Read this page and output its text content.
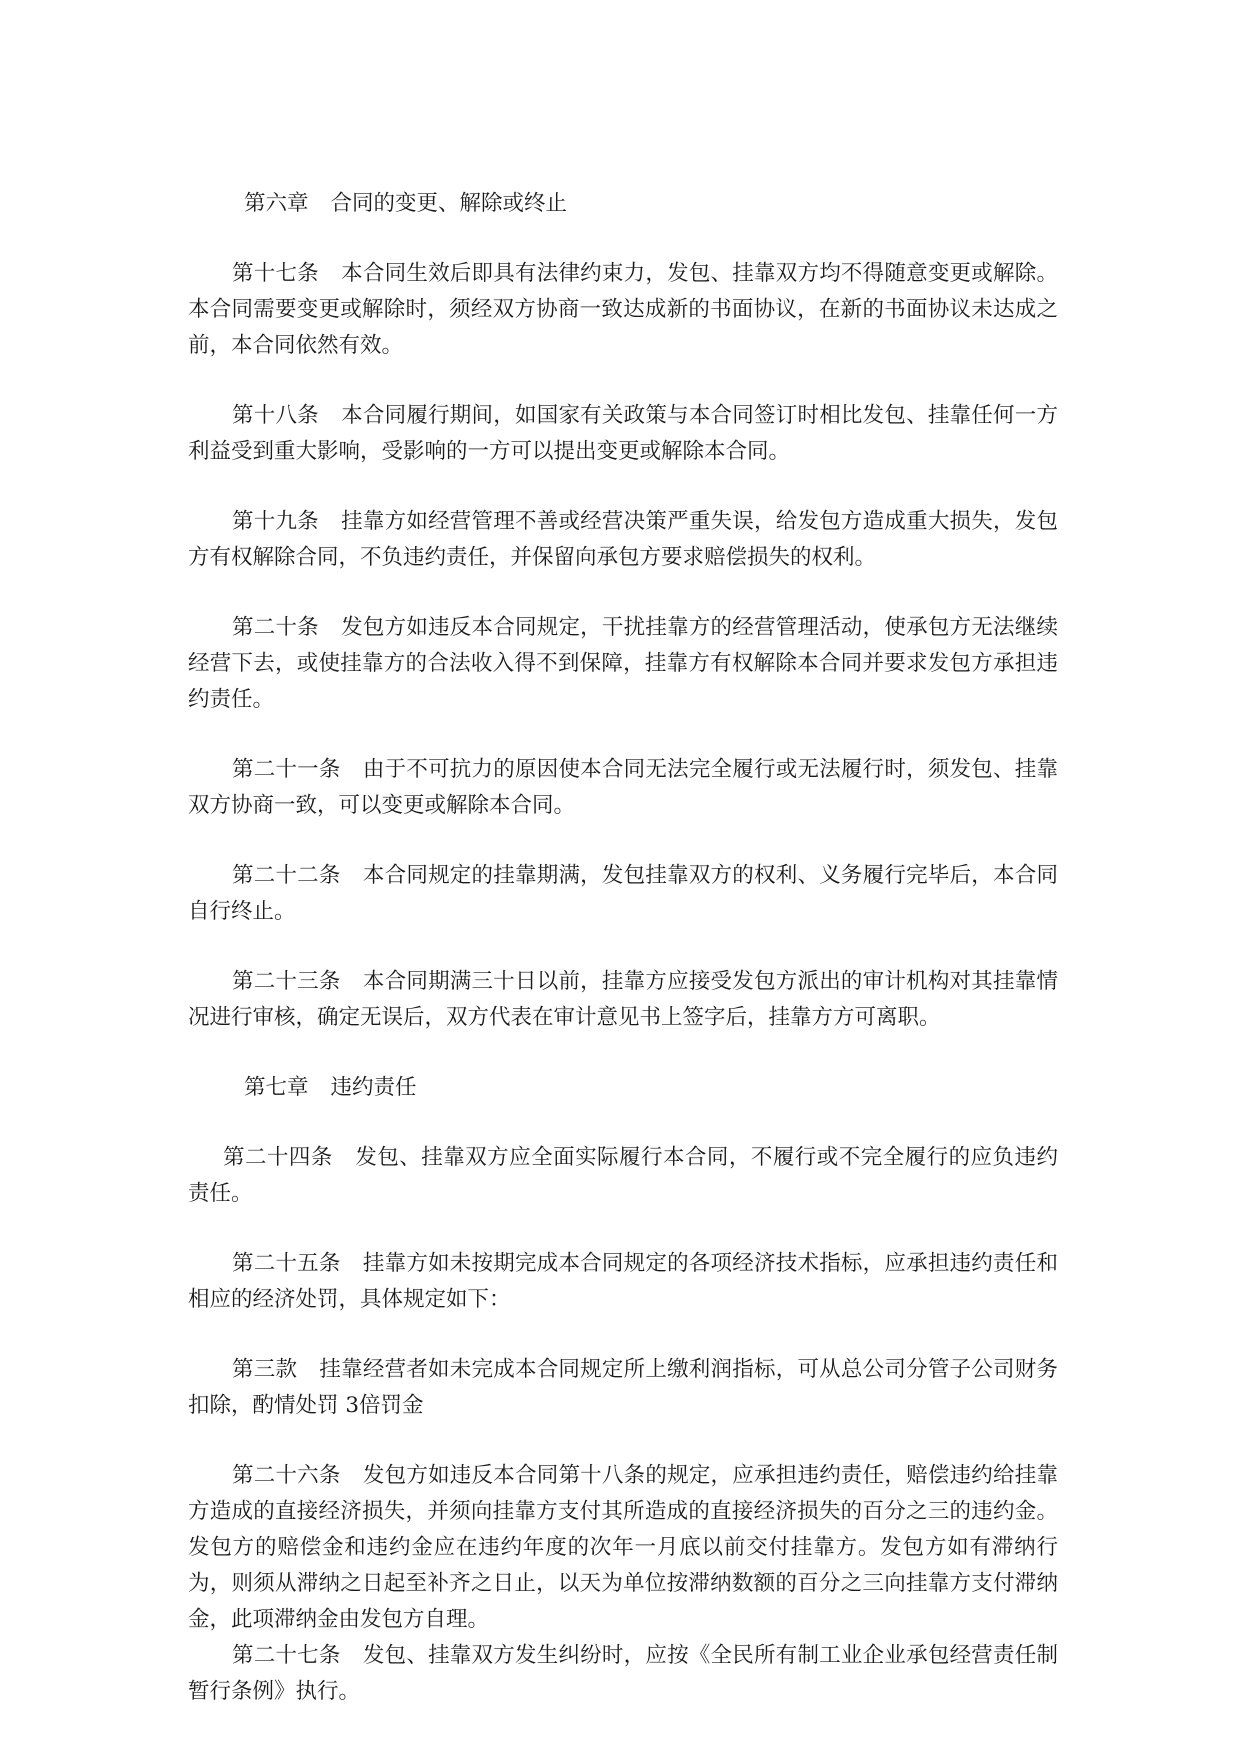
第六章 合同的变更、解除或终止

第十七条 本合同生效后即具有法律约束力，发包、挂靠双方均不得随意变更或解除。本合同需要变更或解除时，须经双方协商一致达成新的书面协议，在新的书面协议未达成之前，本合同依然有效。

第十八条 本合同履行期间，如国家有关政策与本合同签订时相比发包、挂靠任何一方利益受到重大影响，受影响的一方可以提出变更或解除本合同。

第十九条 挂靠方如经营管理不善或经营决策严重失误，给发包方造成重大损失，发包方有权解除合同，不负违约责任，并保留向承包方要求赔偿损失的权利。

第二十条 发包方如违反本合同规定，干扰挂靠方的经营管理活动，使承包方无法继续经营下去，或使挂靠方的合法收入得不到保障，挂靠方有权解除本合同并要求发包方承担违约责任。

第二十一条 由于不可抗力的原因使本合同无法完全履行或无法履行时，须发包、挂靠双方协商一致，可以变更或解除本合同。

第二十二条 本合同规定的挂靠期满，发包挂靠双方的权利、义务履行完毕后，本合同自行终止。

第二十三条 本合同期满三十日以前，挂靠方应接受发包方派出的审计机构对其挂靠情况进行审核，确定无误后，双方代表在审计意见书上签字后，挂靠方方可离职。

第七章 违约责任

第二十四条 发包、挂靠双方应全面实际履行本合同，不履行或不完全履行的应负违约责任。

第二十五条 挂靠方如未按期完成本合同规定的各项经济技术指标，应承担违约责任和相应的经济处罚，具体规定如下：

第三款 挂靠经营者如未完成本合同规定所上缴利润指标，可从总公司分管子公司财务扣除，酌情处罚 3倍罚金

第二十六条 发包方如违反本合同第十八条的规定，应承担违约责任，赔偿违约给挂靠方造成的直接经济损失，并须向挂靠方支付其所造成的直接经济损失的百分之三的违约金。发包方的赔偿金和违约金应在违约年度的次年一月底以前交付挂靠方。发包方如有滞纳行为，则须从滞纳之日起至补齐之日止，以天为单位按滞纳数额的百分之三向挂靠方支付滞纳金，此项滞纳金由发包方自理。

第二十七条 发包、挂靠双方发生纠纷时，应按《全民所有制工业企业承包经营责任制暂行条例》执行。
